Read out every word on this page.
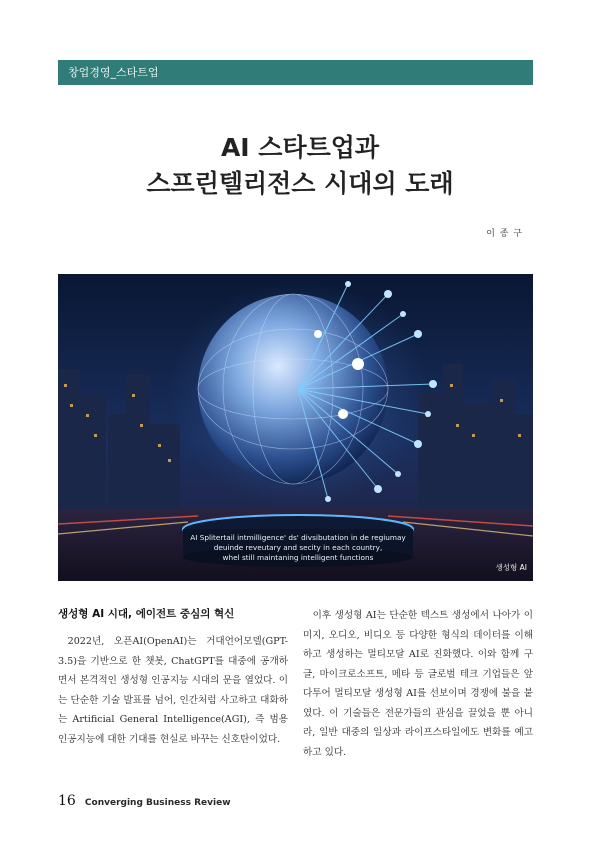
창업경영_스타트업
AI 스타트업과
스프린텔리전스 시대의 도래
이 종 구
AI Splitertail intmilligence' ds' divsibutation in de regiumay
deuinde reveutary and secity in each country,
whel still maintaning intelligent functions
생성형 AI
생성형 AI 시대, 에이전트 중심의 혁신

2022년, 오픈AI(OpenAI)는 거대언어모델(GPT-3.5)을 기반으로 한 챗봇, ChatGPT를 대중에 공개하면서 본격적인 생성형 인공지능 시대의 문을 열었다. 이는 단순한 기술 발표를 넘어, 인간처럼 사고하고 대화하는 Artificial General Intelligence(AGI), 즉 범용 인공지능에 대한 기대를 현실로 바꾸는 신호탄이었다.

이후 생성형 AI는 단순한 텍스트 생성에서 나아가 이미지, 오디오, 비디오 등 다양한 형식의 데이터를 이해하고 생성하는 멀티모달 AI로 진화했다. 이와 함께 구글, 마이크로소프트, 메타 등 글로벌 테크 기업들은 앞다투어 멀티모달 생성형 AI를 선보이며 경쟁에 불을 붙였다. 이 기술들은 전문가들의 관심을 끌었을 뿐 아니라, 일반 대중의 일상과 라이프스타일에도 변화를 예고하고 있다.

16 Converging Business Review
